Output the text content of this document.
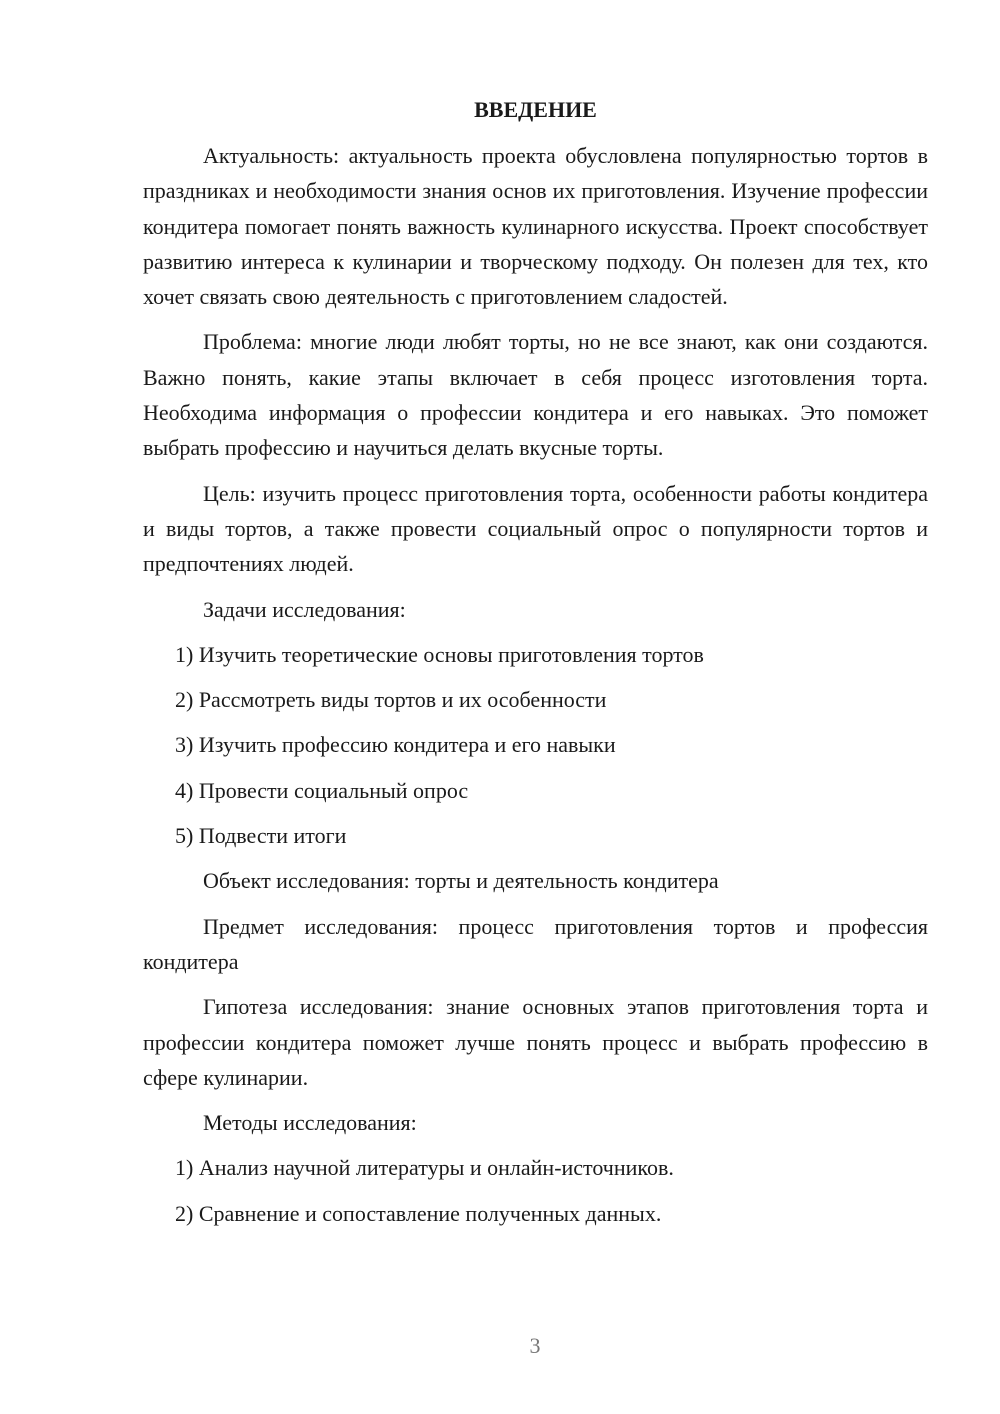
ВВЕДЕНИЕ

Актуальность: актуальность проекта обусловлена популярностью тортов в праздниках и необходимости знания основ их приготовления. Изучение профессии кондитера помогает понять важность кулинарного искусства. Проект способствует развитию интереса к кулинарии и творческому подходу. Он полезен для тех, кто хочет связать свою деятельность с приготовлением сладостей.

Проблема: многие люди любят торты, но не все знают, как они создаются. Важно понять, какие этапы включает в себя процесс изготовления торта. Необходима информация о профессии кондитера и его навыках. Это поможет выбрать профессию и научиться делать вкусные торты.

Цель: изучить процесс приготовления торта, особенности работы кондитера и виды тортов, а также провести социальный опрос о популярности тортов и предпочтениях людей.

Задачи исследования:

1) Изучить теоретические основы приготовления тортов
2) Рассмотреть виды тортов и их особенности
3) Изучить профессию кондитера и его навыки
4) Провести социальный опрос
5) Подвести итоги

Объект исследования: торты и деятельность кондитера

Предмет исследования: процесс приготовления тортов и профессия кондитера

Гипотеза исследования: знание основных этапов приготовления торта и профессии кондитера поможет лучше понять процесс и выбрать профессию в сфере кулинарии.

Методы исследования:

1) Анализ научной литературы и онлайн-источников.
2) Сравнение и сопоставление полученных данных.
3
